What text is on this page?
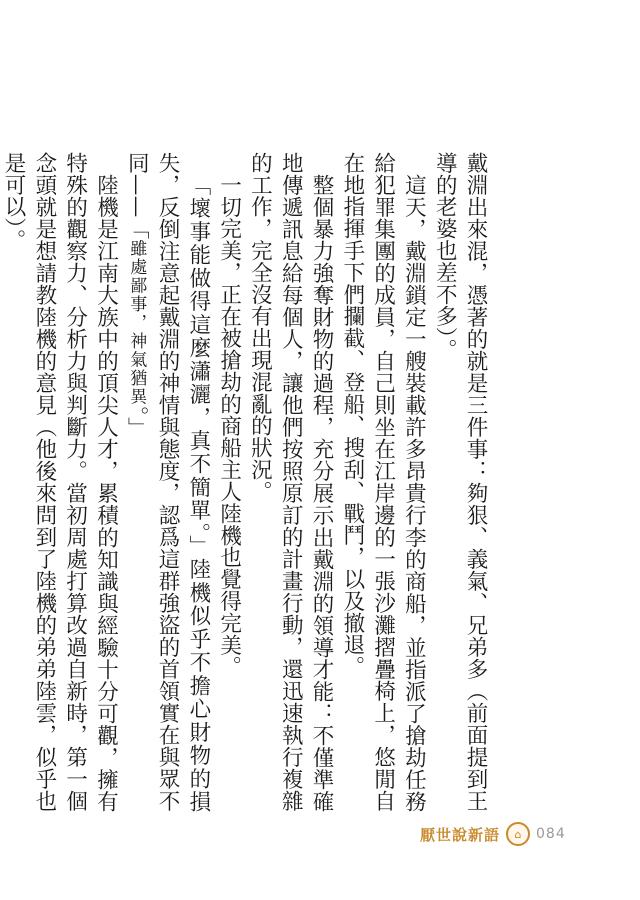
戴淵出來混，憑著的就是三件事：夠狠、義氣、兄弟多（前面提到王導的老婆也差不多）。

這天，戴淵鎖定一艘裝載許多昂貴行李的商船，並指派了搶劫任務給犯罪集團的成員，自己則坐在江岸邊的一張沙灘摺疊椅上，悠閒自在地指揮手下們攔截、登船、搜刮、戰鬥，以及撤退。

整個暴力強奪財物的過程，充分展示出戴淵的領導才能：不僅準確地傳遞訊息給每個人，讓他們按照原訂的計畫行動，還迅速執行複雜的工作，完全沒有出現混亂的狀況。

一切完美，正在被搶劫的商船主人陸機也覺得完美。

「壞事能做得這麼瀟灑，真不簡單。」陸機似乎不擔心財物的損失，反倒注意起戴淵的神情與態度，認爲這群強盜的首領實在與眾不同——「雖處鄙事，神氣猶異。」

陸機是江南大族中的頂尖人才，累積的知識與經驗十分可觀，擁有特殊的觀察力、分析力與判斷力。當初周處打算改過自新時，第一個念頭就是想請教陸機的意見（他後來問到了陸機的弟弟陸雲，似乎也是可以）。

厭世說新語	⌂	084
